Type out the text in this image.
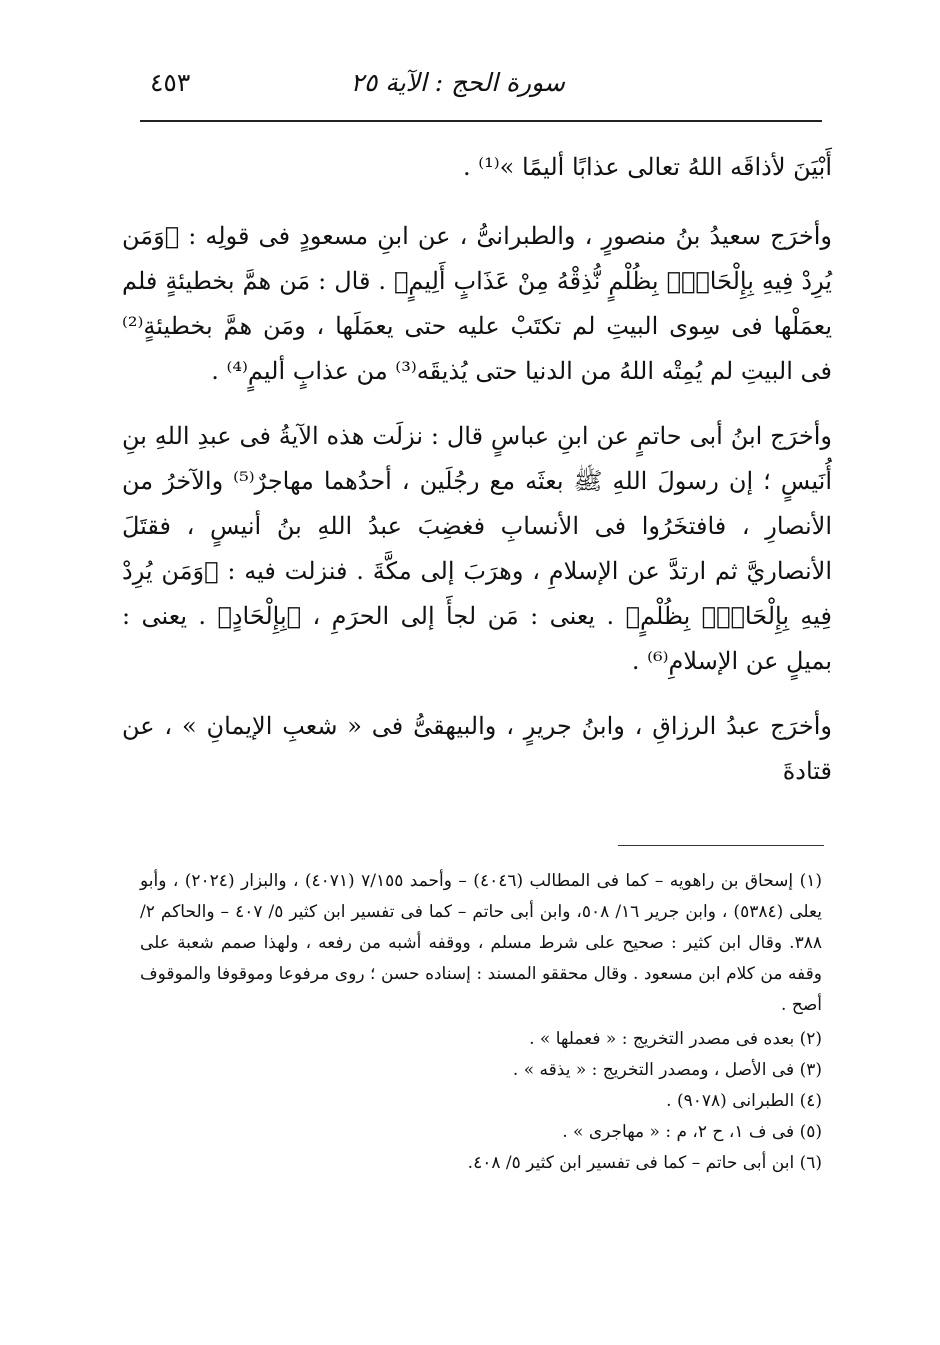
سورة الحج : الآية ٢٥
٤٥٣

أَبْيَنَ لأذاقَه اللهُ تعالى عذابًا أليمًا »⁽¹⁾ .

وأخرَج سعيدُ بنُ منصورٍ ، والطبرانىُّ ، عن ابنِ مسعودٍ فى قولِه : ﴿وَمَن يُرِدْ فِيهِ بِإِلْحَادِۭ بِظُلْمٍ نُّذِقْهُ مِنْ عَذَابٍ أَلِيمٍ﴾ . قال : مَن همَّ بخطيئةٍ فلم يعمَلْها فى سِوى البيتِ لم تكتَبْ عليه حتى يعمَلَها ، ومَن همَّ بخطيئةٍ⁽²⁾ فى البيتِ لم يُمِتْه اللهُ من الدنيا حتى يُذيقَه⁽³⁾ من عذابٍ أليمٍ⁽⁴⁾ .

وأخرَج ابنُ أبى حاتمٍ عن ابنِ عباسٍ قال : نزلَت هذه الآيةُ فى عبدِ اللهِ بنِ أُنَيسٍ ؛ إن رسولَ اللهِ ﷺ بعثَه مع رجُلَين ، أحدُهما مهاجرٌ⁽⁵⁾ والآخرُ من الأنصارِ ، فافتخَرُوا فى الأنسابِ فغضِبَ عبدُ اللهِ بنُ أنيسٍ ، فقتَلَ الأنصاريَّ ثم ارتدَّ عن الإسلامِ ، وهرَبَ إلى مكَّةَ . فنزلت فيه : ﴿وَمَن يُرِدْ فِيهِ بِإِلْحَادِۭ بِظُلْمٍ﴾ . يعنى : مَن لجأَ إلى الحرَمِ ، ﴿بِإِلْحَادٍ﴾ . يعنى : بميلٍ عن الإسلامِ⁽⁶⁾ .

وأخرَج عبدُ الرزاقِ ، وابنُ جريرٍ ، والبيهقىُّ فى « شعبِ الإيمانِ » ، عن قتادةَ

(١) إسحاق بن راهويه – كما فى المطالب (٤٠٤٦) – وأحمد ٧/١٥٥ (٤٠٧١) ، والبزار (٢٠٢٤) ، وأبو يعلى (٥٣٨٤) ، وابن جرير ١٦/ ٥٠٨، وابن أبى حاتم – كما فى تفسير ابن كثير ٥/ ٤٠٧ – والحاكم ٢/ ٣٨٨. وقال ابن كثير : صحيح على شرط مسلم ، ووقفه أشبه من رفعه ، ولهذا صمم شعبة على وقفه من كلام ابن مسعود . وقال محققو المسند : إسناده حسن ؛ روى مرفوعا وموقوفا والموقوف أصح .
(٢) بعده فى مصدر التخريج : « فعملها » .
(٣) فى الأصل ، ومصدر التخريج : « يذقه » .
(٤) الطبرانى (٩٠٧٨) .
(٥) فى ف ١، ح ٢، م : « مهاجرى » .
(٦) ابن أبى حاتم – كما فى تفسير ابن كثير ٥/ ٤٠٨.
